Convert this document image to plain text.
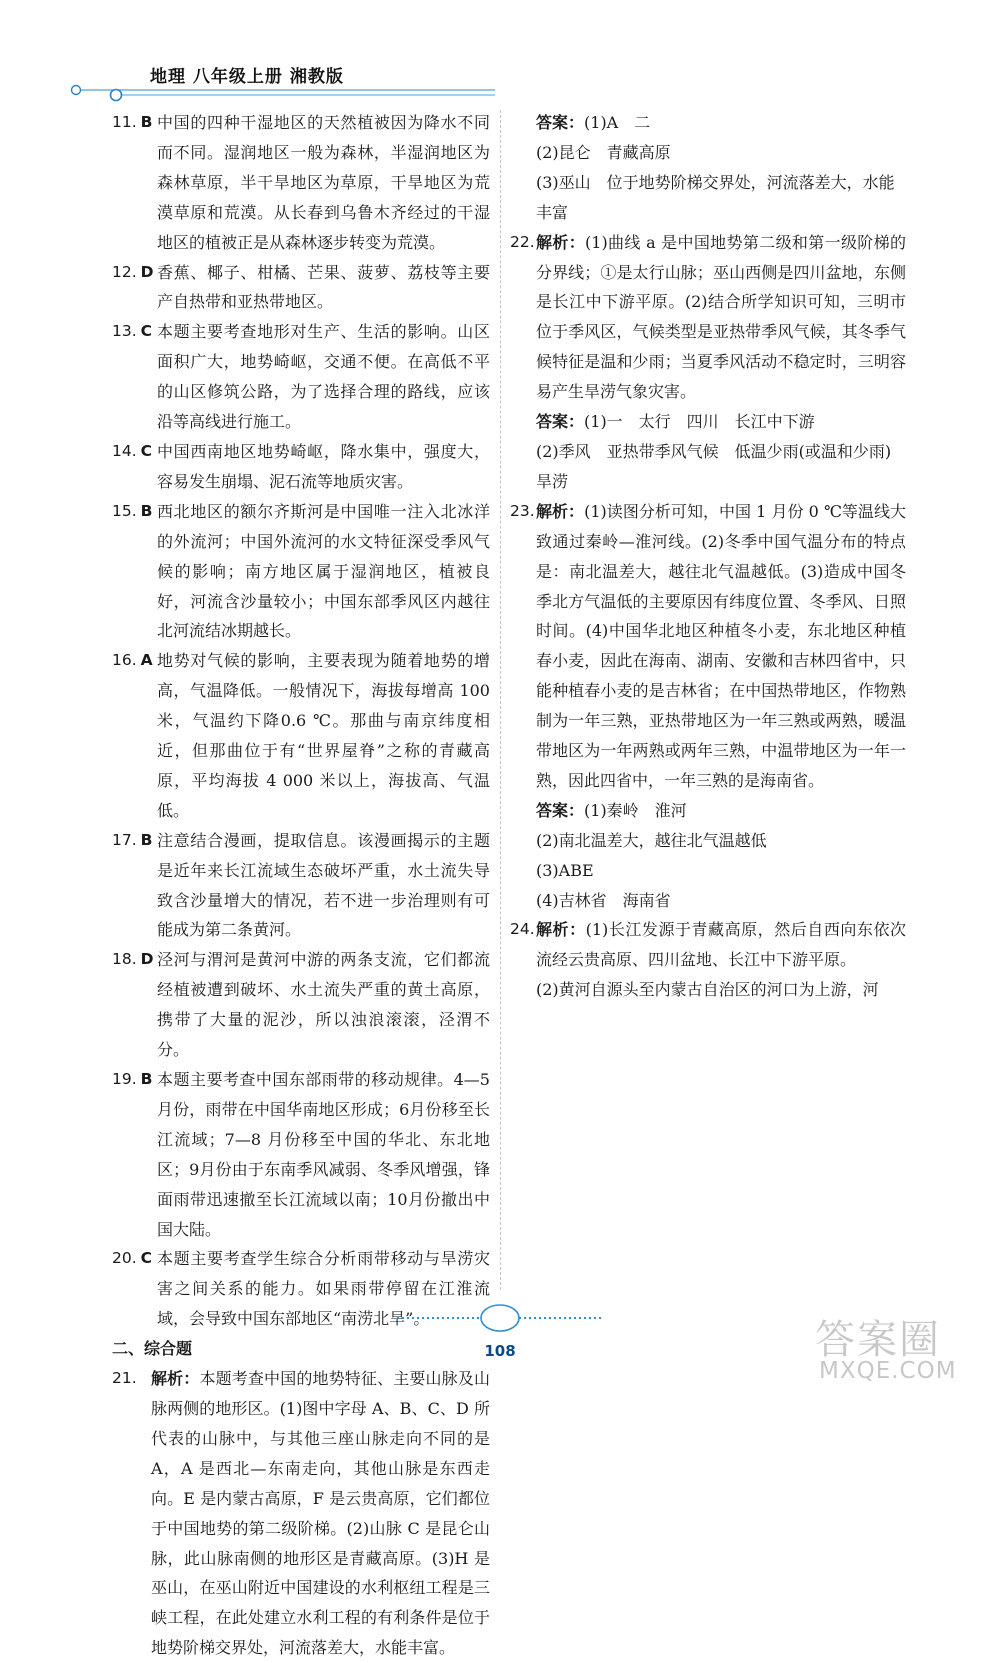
地理 八年级上册 湘教版
11. B 中国的四种干湿地区的天然植被因为降水不同而不同。湿润地区一般为森林，半湿润地区为森林草原，半干旱地区为草原，干旱地区为荒漠草原和荒漠。从长春到乌鲁木齐经过的干湿地区的植被正是从森林逐步转变为荒漠。
12. D 香蕉、椰子、柑橘、芒果、菠萝、荔枝等主要产自热带和亚热带地区。
13. C 本题主要考查地形对生产、生活的影响。山区面积广大，地势崎岖，交通不便。在高低不平的山区修筑公路，为了选择合理的路线，应该沿等高线进行施工。
14. C 中国西南地区地势崎岖，降水集中，强度大，容易发生崩塌、泥石流等地质灾害。
15. B 西北地区的额尔齐斯河是中国唯一注入北冰洋的外流河；中国外流河的水文特征深受季风气候的影响；南方地区属于湿润地区，植被良好，河流含沙量较小；中国东部季风区内越往北河流结冰期越长。
16. A 地势对气候的影响，主要表现为随着地势的增高，气温降低。一般情况下，海拔每增高 100 米，气温约下降0.6 ℃。那曲与南京纬度相近，但那曲位于有“世界屋脊”之称的青藏高原，平均海拔 4 000 米以上，海拔高、气温低。
17. B 注意结合漫画，提取信息。该漫画揭示的主题是近年来长江流域生态破坏严重，水土流失导致含沙量增大的情况，若不进一步治理则有可能成为第二条黄河。
18. D 泾河与渭河是黄河中游的两条支流，它们都流经植被遭到破坏、水土流失严重的黄土高原，携带了大量的泥沙，所以浊浪滚滚，泾渭不分。
19. B 本题主要考查中国东部雨带的移动规律。4—5月份，雨带在中国华南地区形成；6月份移至长江流域；7—8 月份移至中国的华北、东北地区；9月份由于东南季风减弱、冬季风增强，锋面雨带迅速撤至长江流域以南；10月份撤出中国大陆。
20. C 本题主要考查学生综合分析雨带移动与旱涝灾害之间关系的能力。如果雨带停留在江淮流域，会导致中国东部地区“南涝北旱”。
二、综合题
21. 解析：本题考查中国的地势特征、主要山脉及山脉两侧的地形区。(1)图中字母 A、B、C、D 所代表的山脉中，与其他三座山脉走向不同的是 A，A 是西北—东南走向，其他山脉是东西走向。E 是内蒙古高原，F 是云贵高原，它们都位于中国地势的第二级阶梯。(2)山脉 C 是昆仑山脉，此山脉南侧的地形区是青藏高原。(3)H 是巫山，在巫山附近中国建设的水利枢纽工程是三峡工程，在此处建立水利工程的有利条件是位于地势阶梯交界处，河流落差大，水能丰富。
答案：(1)A　二
(2)昆仑　青藏高原
(3)巫山　位于地势阶梯交界处，河流落差大，水能丰富
22. 解析：(1)曲线 a 是中国地势第二级和第一级阶梯的分界线；①是太行山脉；巫山西侧是四川盆地，东侧是长江中下游平原。(2)结合所学知识可知，三明市位于季风区，气候类型是亚热带季风气候，其冬季气候特征是温和少雨；当夏季风活动不稳定时，三明容易产生旱涝气象灾害。
答案：(1)一　太行　四川　长江中下游
(2)季风　亚热带季风气候　低温少雨(或温和少雨)　旱涝
23. 解析：(1)读图分析可知，中国 1 月份 0 ℃等温线大致通过秦岭—淮河线。(2)冬季中国气温分布的特点是：南北温差大，越往北气温越低。(3)造成中国冬季北方气温低的主要原因有纬度位置、冬季风、日照时间。(4)中国华北地区种植冬小麦，东北地区种植春小麦，因此在海南、湖南、安徽和吉林四省中，只能种植春小麦的是吉林省；在中国热带地区，作物熟制为一年三熟，亚热带地区为一年三熟或两熟，暖温带地区为一年两熟或两年三熟，中温带地区为一年一熟，因此四省中，一年三熟的是海南省。
答案：(1)秦岭　淮河
(2)南北温差大，越往北气温越低
(3)ABE
(4)吉林省　海南省
24. 解析：(1)长江发源于青藏高原，然后自西向东依次流经云贵高原、四川盆地、长江中下游平原。
(2)黄河自源头至内蒙古自治区的河口为上游，河
108	答案圈
MXQE.COM
